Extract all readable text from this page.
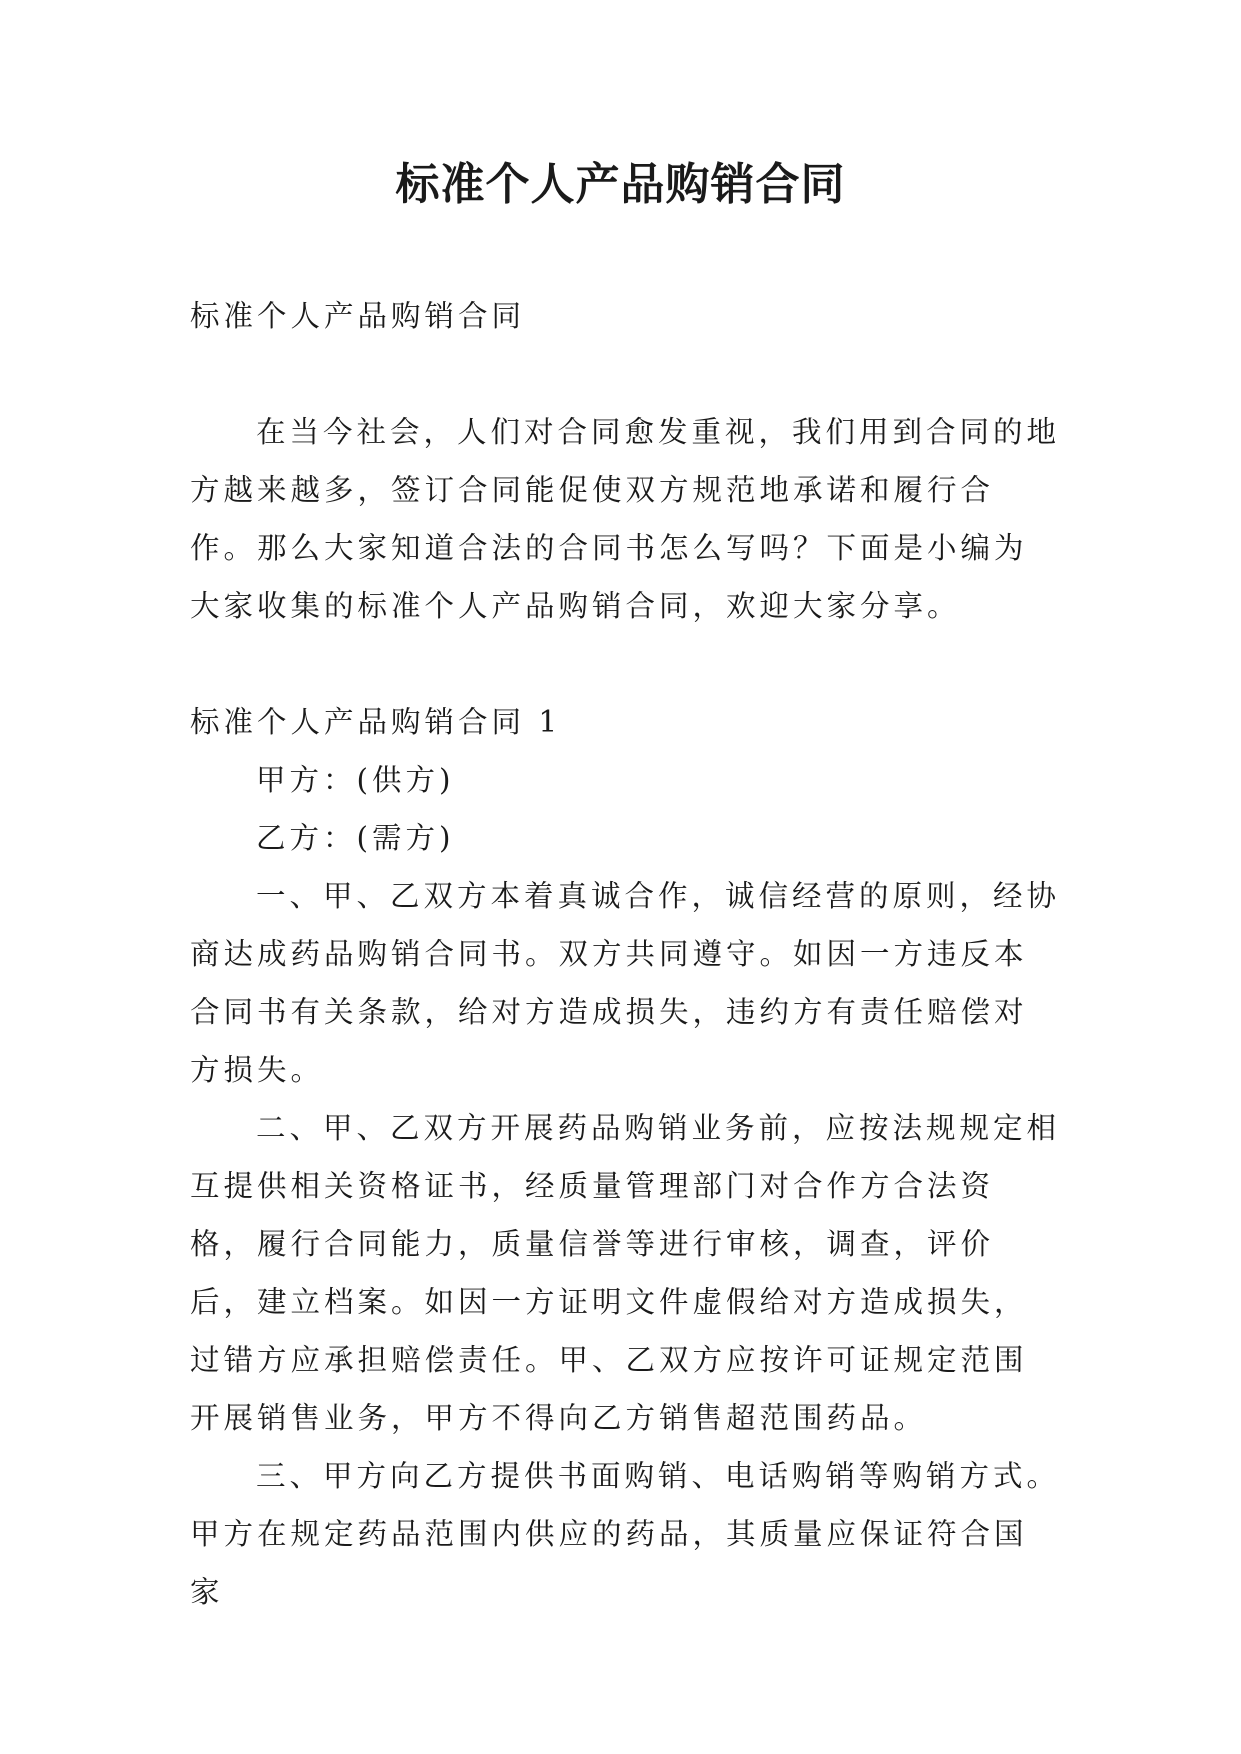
标准个人产品购销合同

标准个人产品购销合同

在当今社会，人们对合同愈发重视，我们用到合同的地方越来越多，签订合同能促使双方规范地承诺和履行合作。那么大家知道合法的合同书怎么写吗？下面是小编为大家收集的标准个人产品购销合同，欢迎大家分享。

标准个人产品购销合同 1

甲方：(供方)

乙方：(需方)

一、甲、乙双方本着真诚合作，诚信经营的原则，经协商达成药品购销合同书。双方共同遵守。如因一方违反本合同书有关条款，给对方造成损失，违约方有责任赔偿对方损失。

二、甲、乙双方开展药品购销业务前，应按法规规定相互提供相关资格证书，经质量管理部门对合作方合法资格，履行合同能力，质量信誉等进行审核，调查，评价后，建立档案。如因一方证明文件虚假给对方造成损失，过错方应承担赔偿责任。甲、乙双方应按许可证规定范围开展销售业务，甲方不得向乙方销售超范围药品。

三、甲方向乙方提供书面购销、电话购销等购销方式。甲方在规定药品范围内供应的药品，其质量应保证符合国家
